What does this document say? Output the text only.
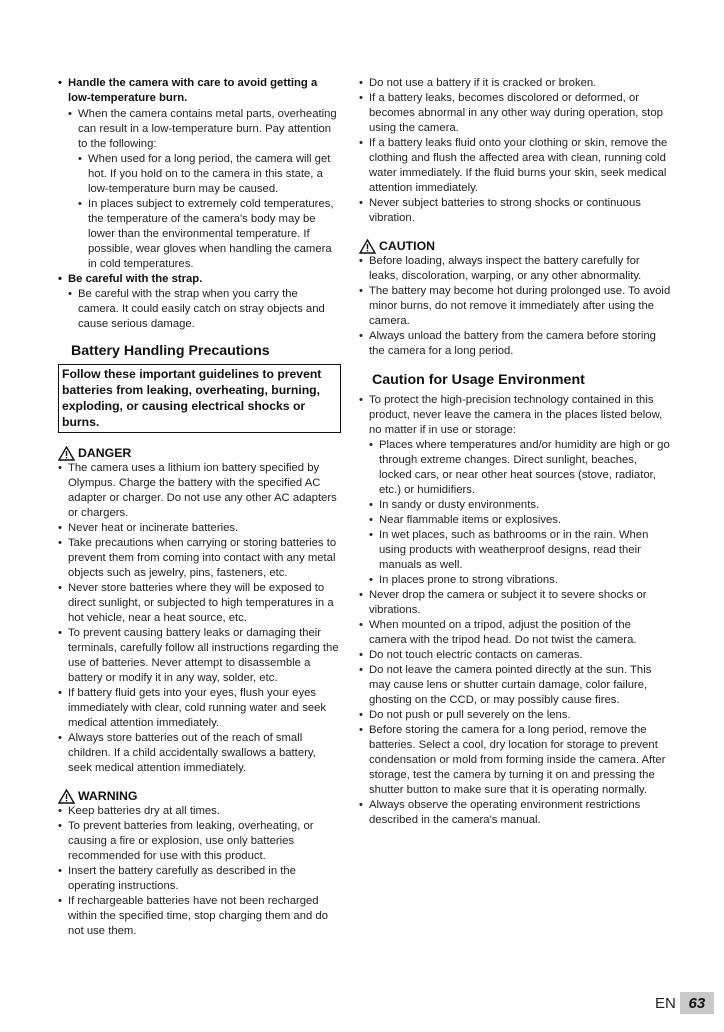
• Handle the camera with care to avoid getting a low-temperature burn.

• When the camera contains metal parts, overheating can result in a low-temperature burn. Pay attention to the following:

• When used for a long period, the camera will get hot. If you hold on to the camera in this state, a low-temperature burn may be caused.

• In places subject to extremely cold temperatures, the temperature of the camera's body may be lower than the environmental temperature. If possible, wear gloves when handling the camera in cold temperatures.

• Be careful with the strap.

• Be careful with the strap when you carry the camera. It could easily catch on stray objects and cause serious damage.

Battery Handling Precautions

Follow these important guidelines to prevent batteries from leaking, overheating, burning, exploding, or causing electrical shocks or burns.

DANGER

• The camera uses a lithium ion battery specified by Olympus. Charge the battery with the specified AC adapter or charger. Do not use any other AC adapters or chargers.

• Never heat or incinerate batteries.

• Take precautions when carrying or storing batteries to prevent them from coming into contact with any metal objects such as jewelry, pins, fasteners, etc.

• Never store batteries where they will be exposed to direct sunlight, or subjected to high temperatures in a hot vehicle, near a heat source, etc.

• To prevent causing battery leaks or damaging their terminals, carefully follow all instructions regarding the use of batteries. Never attempt to disassemble a battery or modify it in any way, solder, etc.

• If battery fluid gets into your eyes, flush your eyes immediately with clear, cold running water and seek medical attention immediately.

• Always store batteries out of the reach of small children. If a child accidentally swallows a battery, seek medical attention immediately.

WARNING

• Keep batteries dry at all times.

• To prevent batteries from leaking, overheating, or causing a fire or explosion, use only batteries recommended for use with this product.

• Insert the battery carefully as described in the operating instructions.

• If rechargeable batteries have not been recharged within the specified time, stop charging them and do not use them.

• Do not use a battery if it is cracked or broken.

• If a battery leaks, becomes discolored or deformed, or becomes abnormal in any other way during operation, stop using the camera.

• If a battery leaks fluid onto your clothing or skin, remove the clothing and flush the affected area with clean, running cold water immediately. If the fluid burns your skin, seek medical attention immediately.

• Never subject batteries to strong shocks or continuous vibration.

CAUTION

• Before loading, always inspect the battery carefully for leaks, discoloration, warping, or any other abnormality.

• The battery may become hot during prolonged use. To avoid minor burns, do not remove it immediately after using the camera.

• Always unload the battery from the camera before storing the camera for a long period.

Caution for Usage Environment

• To protect the high-precision technology contained in this product, never leave the camera in the places listed below, no matter if in use or storage:

• Places where temperatures and/or humidity are high or go through extreme changes. Direct sunlight, beaches, locked cars, or near other heat sources (stove, radiator, etc.) or humidifiers.

• In sandy or dusty environments.

• Near flammable items or explosives.

• In wet places, such as bathrooms or in the rain. When using products with weatherproof designs, read their manuals as well.

• In places prone to strong vibrations.

• Never drop the camera or subject it to severe shocks or vibrations.

• When mounted on a tripod, adjust the position of the camera with the tripod head. Do not twist the camera.

• Do not touch electric contacts on cameras.

• Do not leave the camera pointed directly at the sun. This may cause lens or shutter curtain damage, color failure, ghosting on the CCD, or may possibly cause fires.

• Do not push or pull severely on the lens.

• Before storing the camera for a long period, remove the batteries. Select a cool, dry location for storage to prevent condensation or mold from forming inside the camera. After storage, test the camera by turning it on and pressing the shutter button to make sure that it is operating normally.

• Always observe the operating environment restrictions described in the camera's manual.

EN 63
